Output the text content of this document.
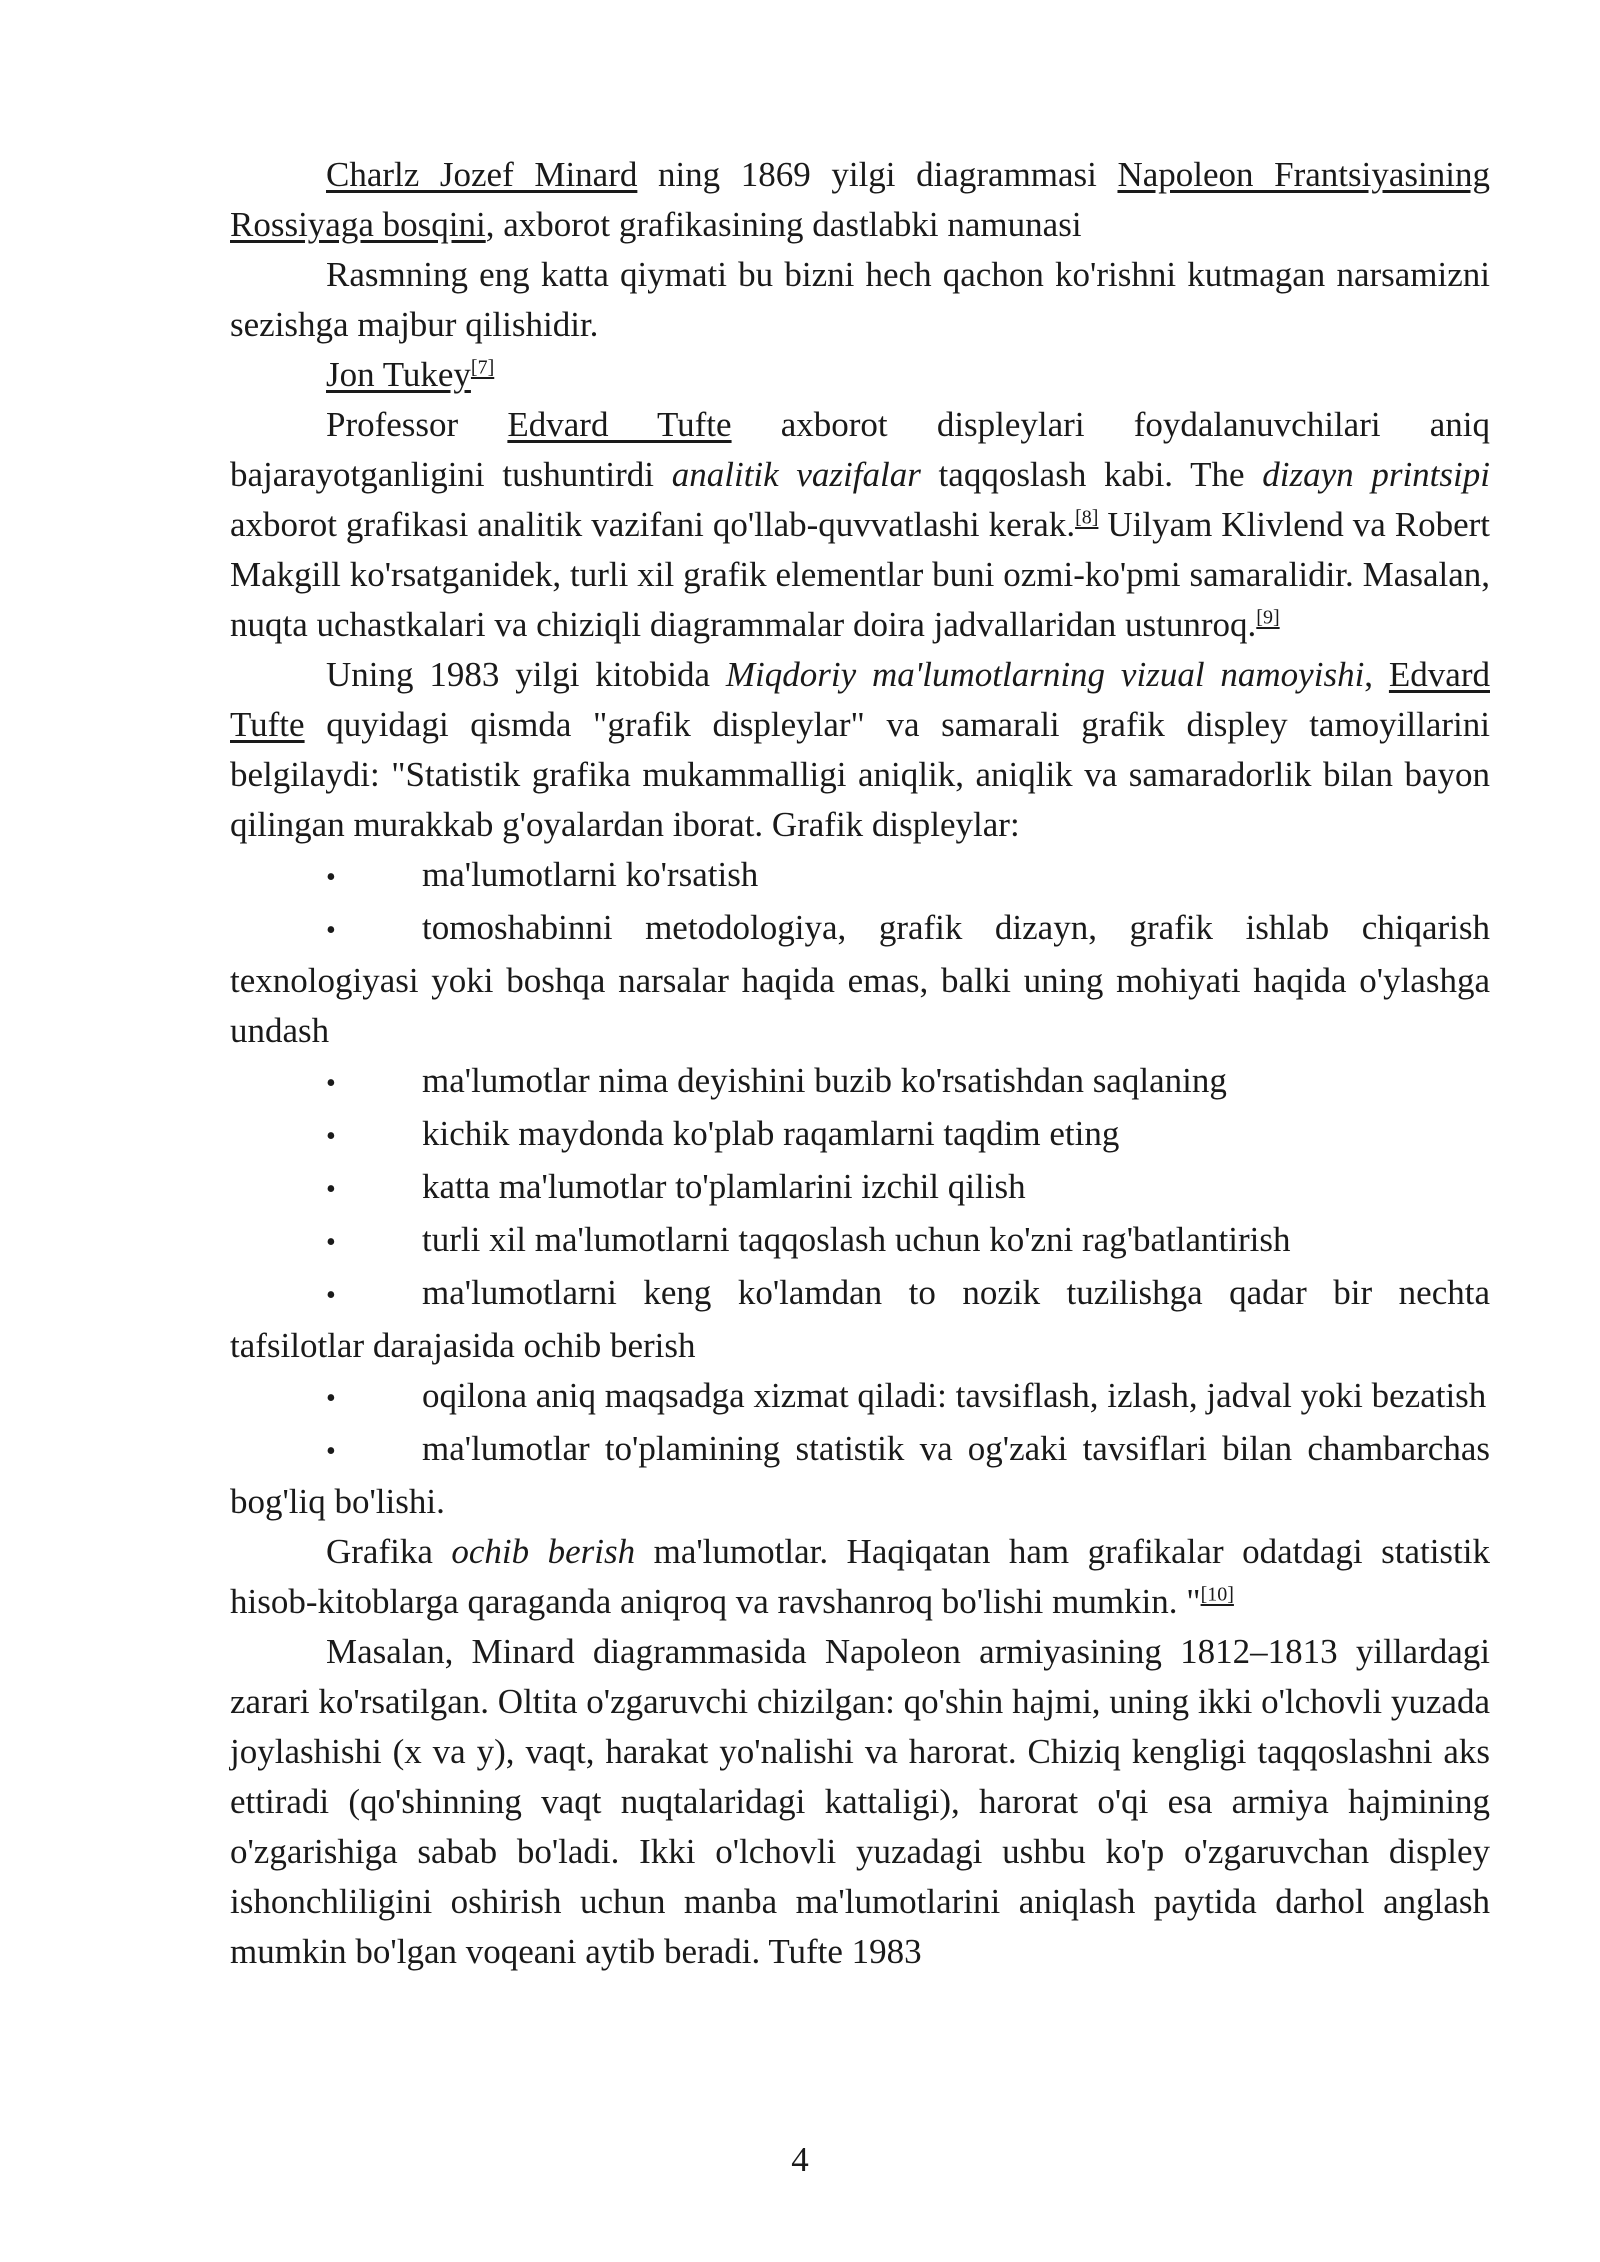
Charlz Jozef Minard ning 1869 yilgi diagrammasi Napoleon Frantsiyasining Rossiyaga bosqini, axborot grafikasining dastlabki namunasi

Rasmning eng katta qiymati bu bizni hech qachon ko'rishni kutmagan narsamizni sezishga majbur qilishidir.

Jon Tukey[7]

Professor Edvard Tufte axborot displeylari foydalanuvchilari aniq bajarayotganligini tushuntirdi analitik vazifalar taqqoslash kabi. The dizayn printsipi axborot grafikasi analitik vazifani qo'llab-quvvatlashi kerak.[8] Uilyam Klivlend va Robert Makgill ko'rsatganidek, turli xil grafik elementlar buni ozmi-ko'pmi samaralidir. Masalan, nuqta uchastkalari va chiziqli diagrammalar doira jadvallaridan ustunroq.[9]

Uning 1983 yilgi kitobida Miqdoriy ma'lumotlarning vizual namoyishi, Edvard Tufte quyidagi qismda "grafik displeylar" va samarali grafik displey tamoyillarini belgilaydi: "Statistik grafika mukammalligi aniqlik, aniqlik va samaradorlik bilan bayon qilingan murakkab g'oyalardan iborat. Grafik displeylar:

• ma'lumotlarni ko'rsatish
• tomoshabinni metodologiya, grafik dizayn, grafik ishlab chiqarish texnologiyasi yoki boshqa narsalar haqida emas, balki uning mohiyati haqida o'ylashga undash
• ma'lumotlar nima deyishini buzib ko'rsatishdan saqlaning
• kichik maydonda ko'plab raqamlarni taqdim eting
• katta ma'lumotlar to'plamlarini izchil qilish
• turli xil ma'lumotlarni taqqoslash uchun ko'zni rag'batlantirish
• ma'lumotlarni keng ko'lamdan to nozik tuzilishga qadar bir nechta tafsilotlar darajasida ochib berish
• oqilona aniq maqsadga xizmat qiladi: tavsiflash, izlash, jadval yoki bezatish
• ma'lumotlar to'plamining statistik va og'zaki tavsiflari bilan chambarchas bog'liq bo'lishi.

Grafika ochib berish ma'lumotlar. Haqiqatan ham grafikalar odatdagi statistik hisob-kitoblarga qaraganda aniqroq va ravshanroq bo'lishi mumkin. "[10]

Masalan, Minard diagrammasida Napoleon armiyasining 1812–1813 yillardagi zarari ko'rsatilgan. Oltita o'zgaruvchi chizilgan: qo'shin hajmi, uning ikki o'lchovli yuzada joylashishi (x va y), vaqt, harakat yo'nalishi va harorat. Chiziq kengligi taqqoslashni aks ettiradi (qo'shinning vaqt nuqtalaridagi kattaligi), harorat o'qi esa armiya hajmining o'zgarishiga sabab bo'ladi. Ikki o'lchovli yuzadagi ushbu ko'p o'zgaruvchan displey ishonchliligini oshirish uchun manba ma'lumotlarini aniqlash paytida darhol anglash mumkin bo'lgan voqeani aytib beradi. Tufte 1983

4
